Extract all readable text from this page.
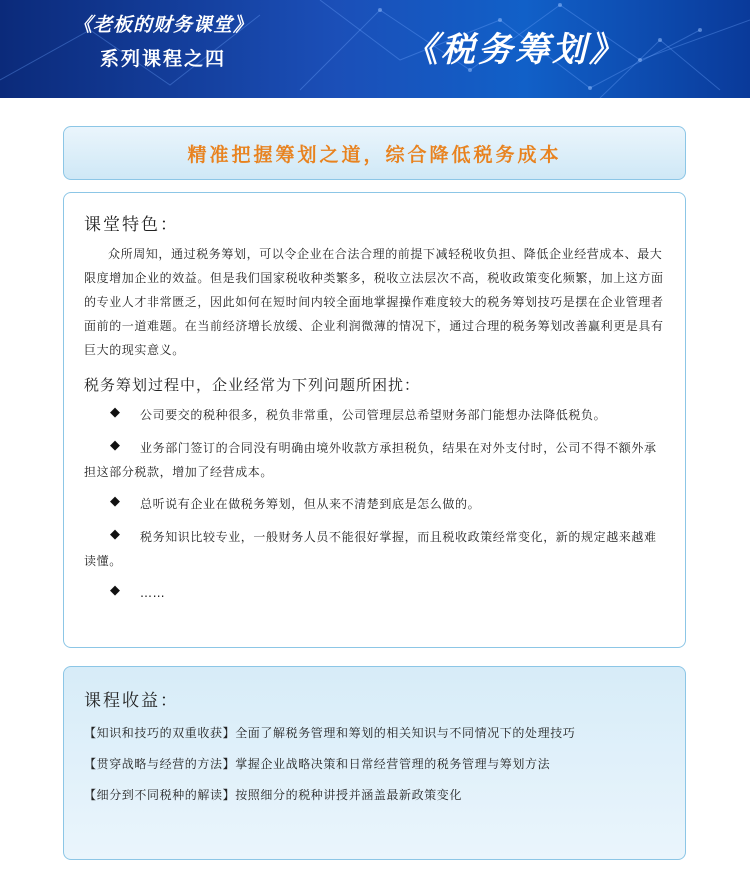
《老板的财务课堂》
系列课程之四	《税务筹划》
精准把握筹划之道，综合降低税务成本
课堂特色：

众所周知，通过税务筹划，可以令企业在合法合理的前提下减轻税收负担、降低企业经营成本、最大限度增加企业的效益。但是我们国家税收种类繁多，税收立法层次不高，税收政策变化频繁，加上这方面的专业人才非常匮乏，因此如何在短时间内较全面地掌握操作难度较大的税务筹划技巧是摆在企业管理者面前的一道难题。在当前经济增长放缓、企业利润微薄的情况下，通过合理的税务筹划改善赢利更是具有巨大的现实意义。

税务筹划过程中，企业经常为下列问题所困扰：
◆ 公司要交的税种很多，税负非常重，公司管理层总希望财务部门能想办法降低税负。

◆	业务部门签订的合同没有明确由境外收款方承担税负，结果在对外支付时，公司不得不额外承担这部分税款，增加了经营成本。

◆ 总听说有企业在做税务筹划，但从来不清楚到底是怎么做的。

◆	税务知识比较专业，一般财务人员不能很好掌握，而且税收政策经常变化，新的规定越来越难读懂。

◆ ……

课程收益：

【知识和技巧的双重收获】全面了解税务管理和筹划的相关知识与不同情况下的处理技巧

【贯穿战略与经营的方法】掌握企业战略决策和日常经营管理的税务管理与筹划方法

【细分到不同税种的解读】按照细分的税种讲授并涵盖最新政策变化
